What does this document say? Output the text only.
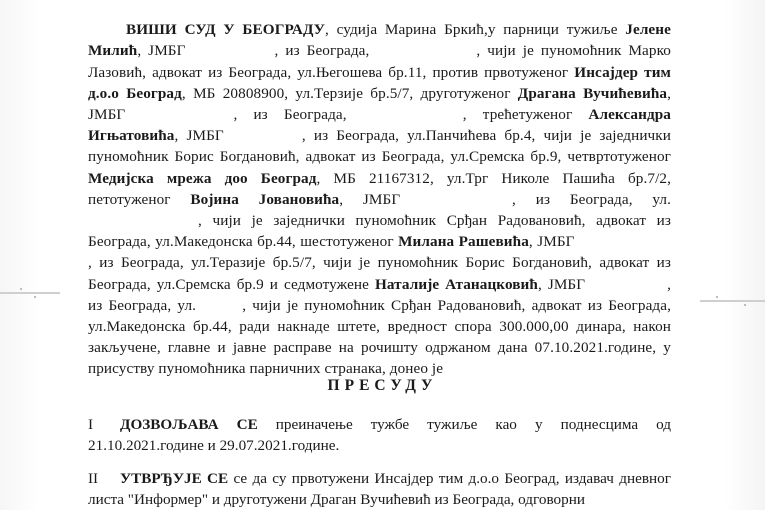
ВИШИ СУД У БЕОГРАДУ, судија Марина Бркић,у парници тужиље Јелене Милић, ЈМБГ	, из Београда,	, чији је пуномоћник Марко Лазовић, адвокат из Београда, ул.Његошева бр.11, против првотуженог Инсајдер тим д.о.о Београд, МБ 20808900, ул.Терзије бр.5/7, друготуженог Драгана Вучићевића, ЈМБГ	, из Београда,	, трећетуженог Александра Игњатовића, ЈМБГ	, из Београда, ул.Панчићева бр.4, чији је заједнички пуномоћник Борис Богдановић, адвокат из Београда, ул.Сремска бр.9, четвртотуженог Медијска мрежа доо Београд, МБ 21167312, ул.Трг Николе Пашића бр.7/2, петотуженог Војина Јовановића, ЈМБГ	, из Београда, ул. , чији је заједнички пуномоћник Срђан Радовановић, адвокат из Београда, ул.Македонска бр.44, шестотуженог Милана Рашевића, ЈМБГ , из Београда, ул.Теразије бр.5/7, чији је пуномоћник Борис Богдановић, адвокат из Београда, ул.Сремска бр.9 и седмотужене Наталије Атанацковић, ЈМБГ	, из Београда, ул.	, чији је пуномоћник Срђан Радовановић, адвокат из Београда, ул.Македонска бр.44, ради накнаде штете, вредност спора 300.000,00 динара, након закључене, главне и јавне расправе на рочишту одржаном дана 07.10.2021.године, у присуству пуномоћника парничних странака, донео је

ПРЕСУДУ
I ДОЗВОЉАВА СЕ преиначење тужбе тужиље као у поднесцима од 21.10.2021.године и 29.07.2021.године.
II УТВРЂУЈЕ СЕ се да су првотужени Инсајдер тим д.о.о Београд, издавач дневног листа "Информер" и друготужени Драган Вучићевић из Београда, одговорни
